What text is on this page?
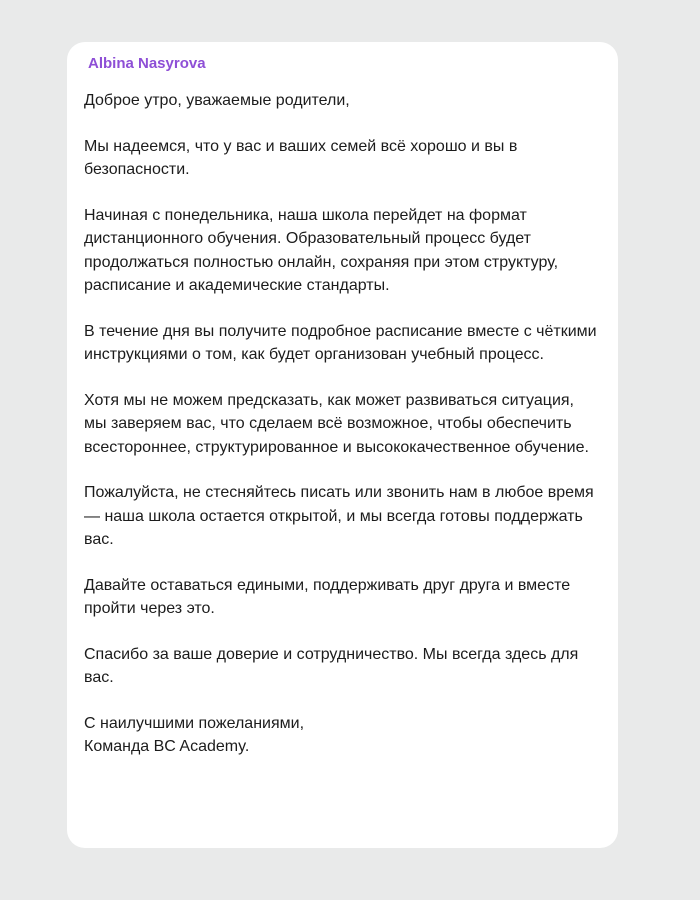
Albina Nasyrova

Доброе утро, уважаемые родители,

Мы надеемся, что у вас и ваших семей всё хорошо и вы в безопасности.

Начиная с понедельника, наша школа перейдет на формат дистанционного обучения. Образовательный процесс будет продолжаться полностью онлайн, сохраняя при этом структуру, расписание и академические стандарты.

В течение дня вы получите подробное расписание вместе с чёткими инструкциями о том, как будет организован учебный процесс.

Хотя мы не можем предсказать, как может развиваться ситуация, мы заверяем вас, что сделаем всё возможное, чтобы обеспечить всестороннее, структурированное и высококачественное обучение.

Пожалуйста, не стесняйтесь писать или звонить нам в любое время — наша школа остается открытой, и мы всегда готовы поддержать вас.

Давайте оставаться едиными, поддерживать друг друга и вместе пройти через это.

Спасибо за ваше доверие и сотрудничество. Мы всегда здесь для вас.

С наилучшими пожеланиями,
Команда BC Academy.
